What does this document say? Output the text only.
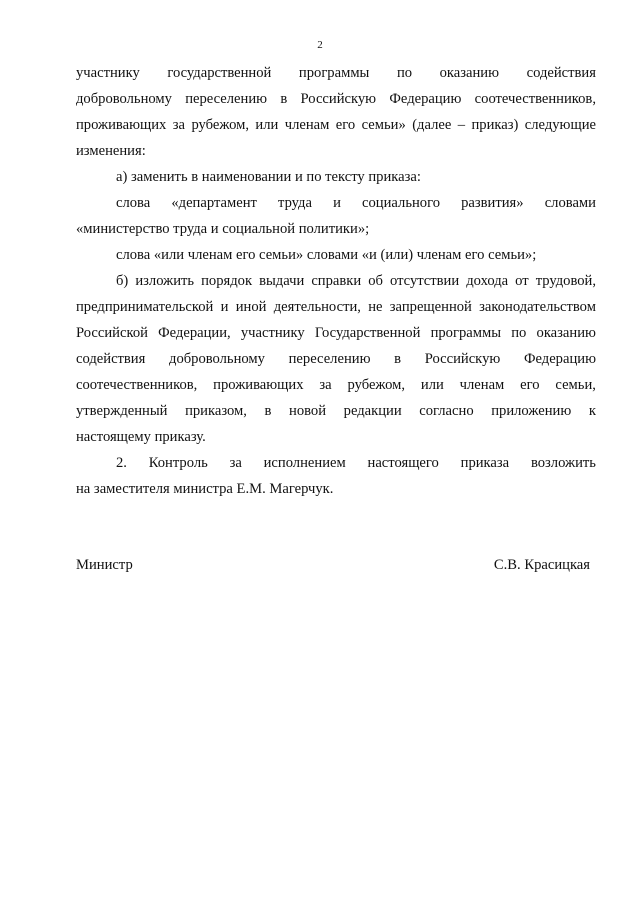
2
участнику государственной программы по оказанию содействия
добровольному переселению в Российскую Федерацию соотечественников,
проживающих за рубежом, или членам его семьи» (далее – приказ) следующие
изменения:
а) заменить в наименовании и по тексту приказа:
слова «департамент труда и социального развития» словами
«министерство труда и социальной политики»;
слова «или членам его семьи» словами «и (или) членам его семьи»;
б) изложить порядок выдачи справки об отсутствии дохода от трудовой,
предпринимательской и иной деятельности, не запрещенной законодательством
Российской Федерации, участнику Государственной программы по оказанию
содействия добровольному переселению в Российскую Федерацию
соотечественников, проживающих за рубежом, или членам его семьи,
утвержденный приказом, в новой редакции согласно приложению к
настоящему приказу.
2. Контроль за исполнением настоящего приказа возложить
на заместителя министра Е.М. Магерчук.
Министр	С.В. Красицкая
